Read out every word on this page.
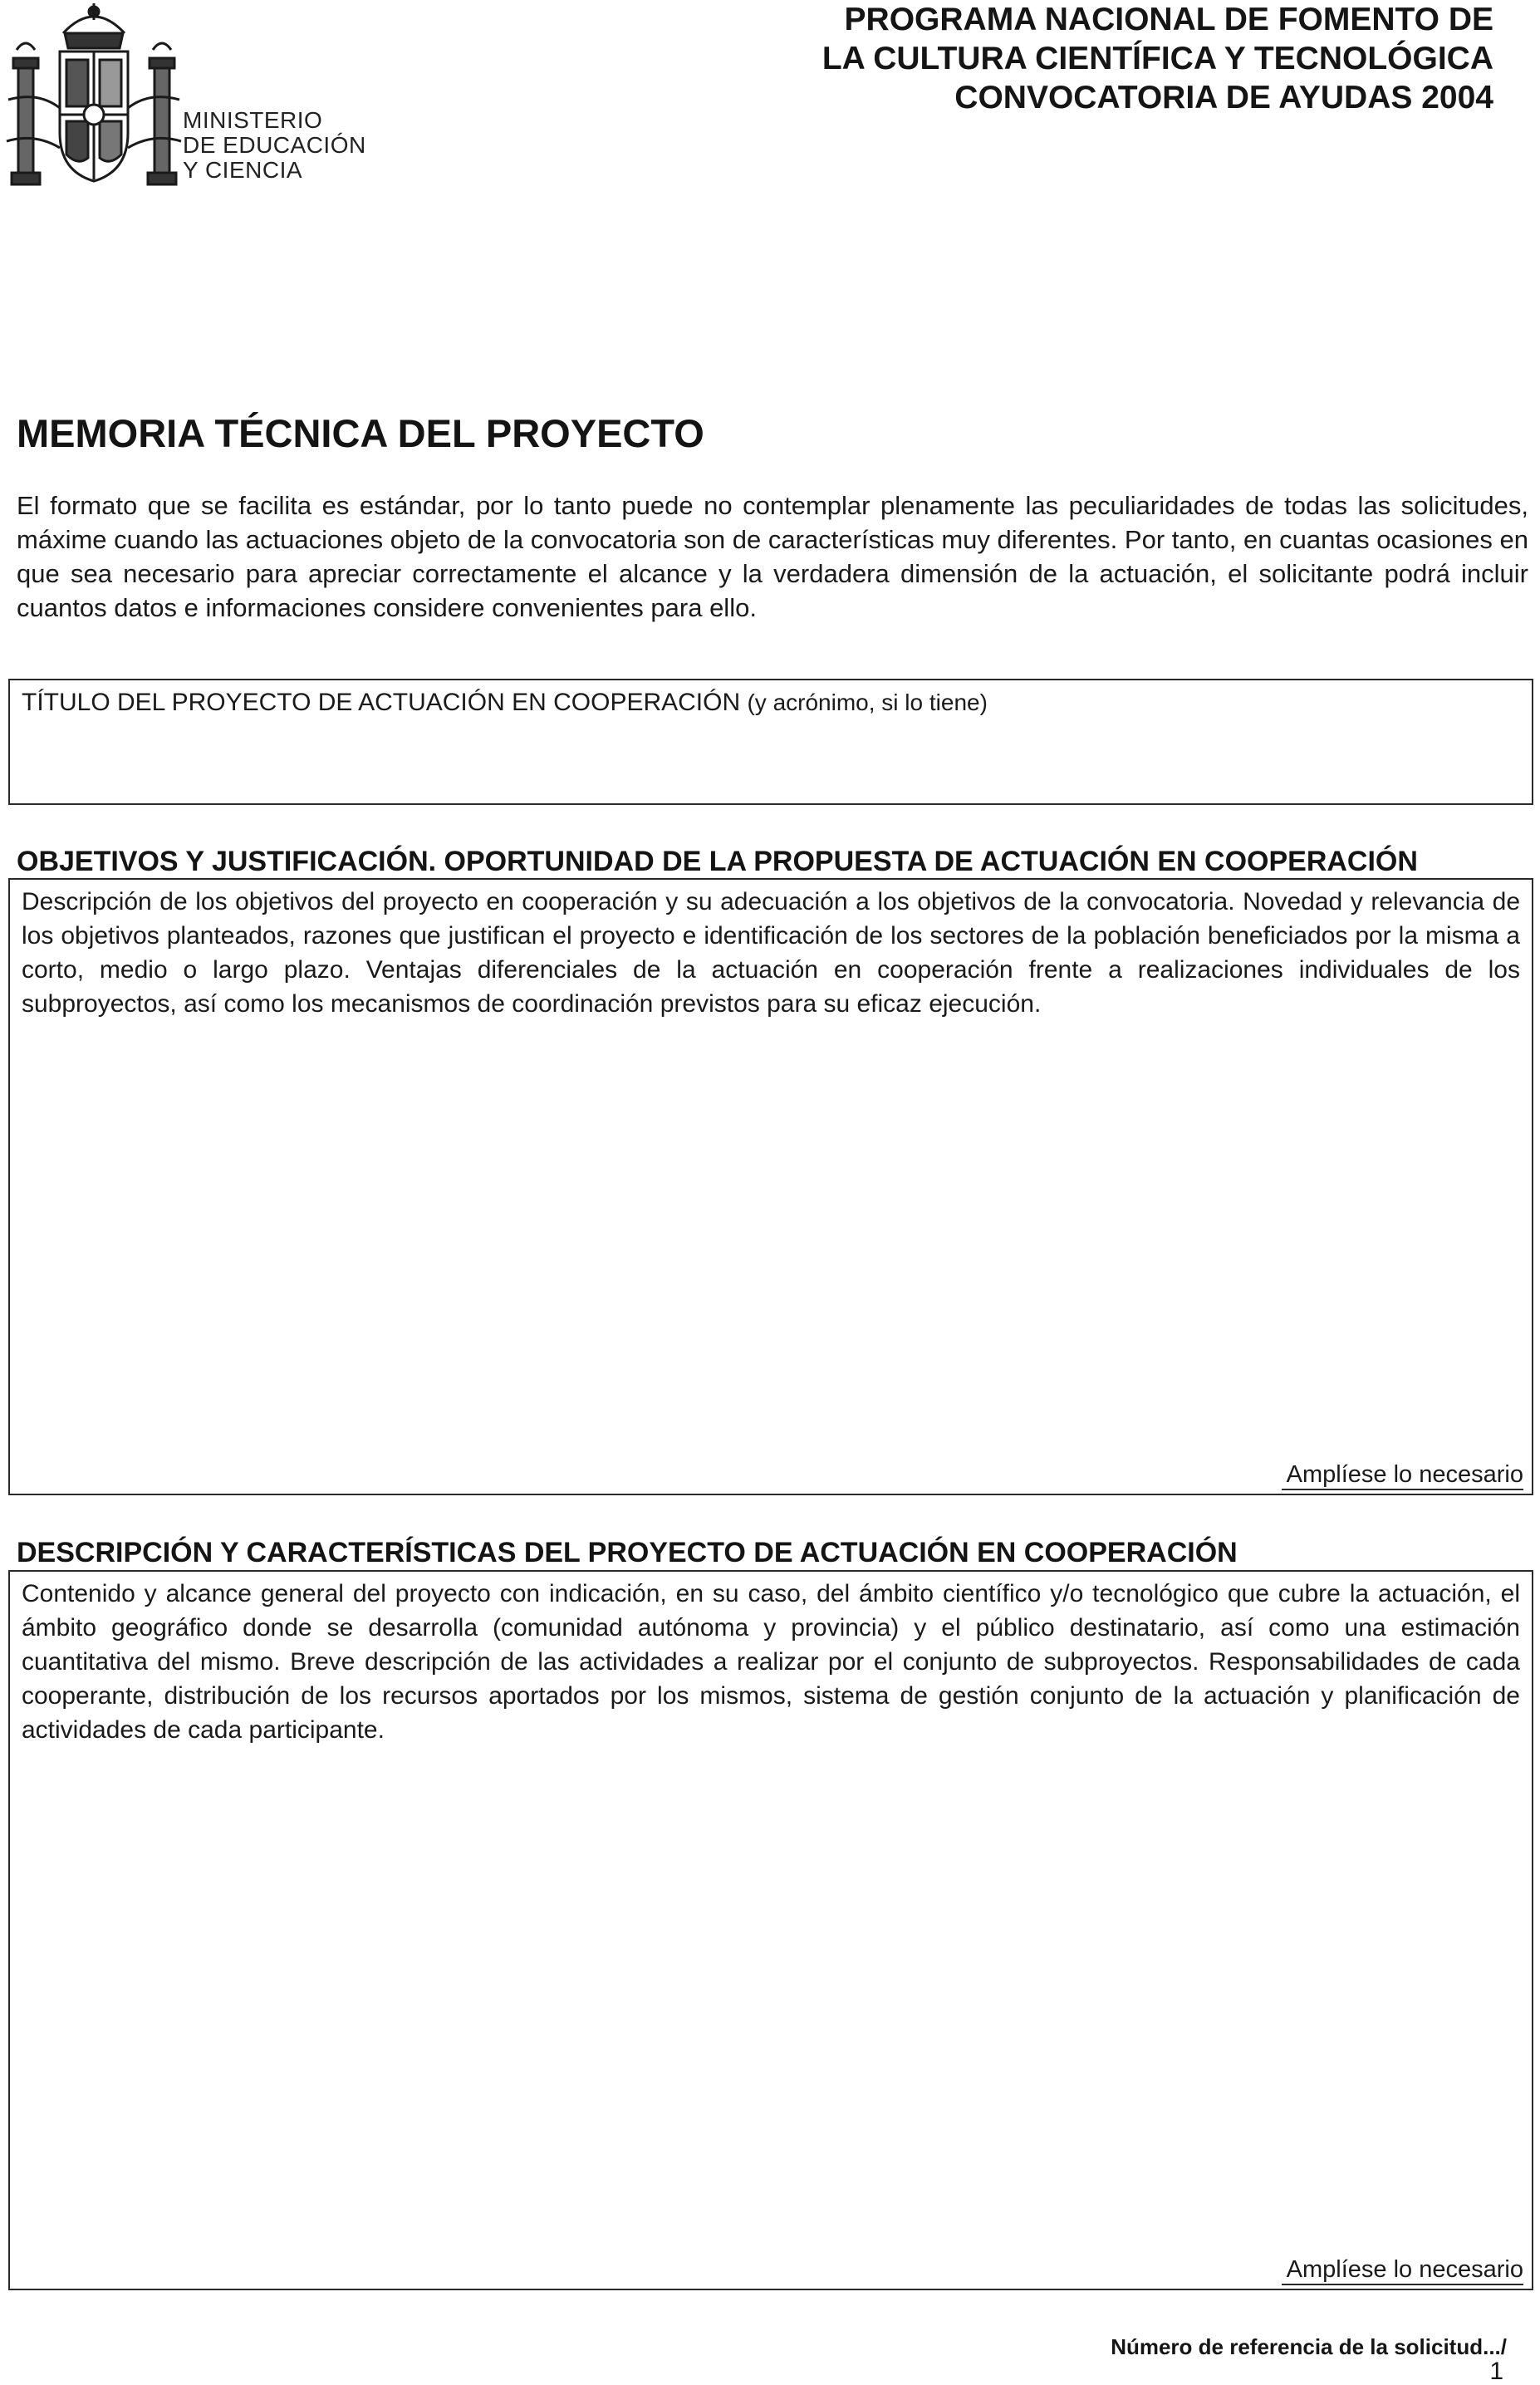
MINISTERIO
DE EDUCACIÓN
Y CIENCIA
PROGRAMA NACIONAL DE FOMENTO DE
LA CULTURA CIENTÍFICA Y TECNOLÓGICA
CONVOCATORIA DE AYUDAS 2004
MEMORIA TÉCNICA DEL PROYECTO

El formato que se facilita es estándar, por lo tanto puede no contemplar plenamente las peculiaridades de todas las solicitudes, máxime cuando las actuaciones objeto de la convocatoria son de características muy diferentes. Por tanto, en cuantas ocasiones en que sea necesario para apreciar correctamente el alcance y la verdadera dimensión de la actuación, el solicitante podrá incluir cuantos datos e informaciones considere convenientes para ello.

TÍTULO DEL PROYECTO DE ACTUACIÓN EN COOPERACIÓN (y acrónimo, si lo tiene)

OBJETIVOS Y JUSTIFICACIÓN. OPORTUNIDAD DE LA PROPUESTA DE ACTUACIÓN EN COOPERACIÓN

Descripción de los objetivos del proyecto en cooperación y su adecuación a los objetivos de la convocatoria. Novedad y relevancia de los objetivos planteados, razones que justifican el proyecto e identificación de los sectores de la población beneficiados por la misma a corto, medio o largo plazo. Ventajas diferenciales de la actuación en cooperación frente a realizaciones individuales de los subproyectos, así como los mecanismos de coordinación previstos para su eficaz ejecución.

Amplíese lo necesario
DESCRIPCIÓN Y CARACTERÍSTICAS DEL PROYECTO DE ACTUACIÓN EN COOPERACIÓN

Contenido y alcance general del proyecto con indicación, en su caso, del ámbito científico y/o tecnológico que cubre la actuación, el ámbito geográfico donde se desarrolla (comunidad autónoma y provincia) y el público destinatario, así como una estimación cuantitativa del mismo. Breve descripción de las actividades a realizar por el conjunto de subproyectos. Responsabilidades de cada cooperante, distribución de los recursos aportados por los mismos, sistema de gestión conjunto de la actuación y planificación de actividades de cada participante.

Amplíese lo necesario
Número de referencia de la solicitud.../
1
